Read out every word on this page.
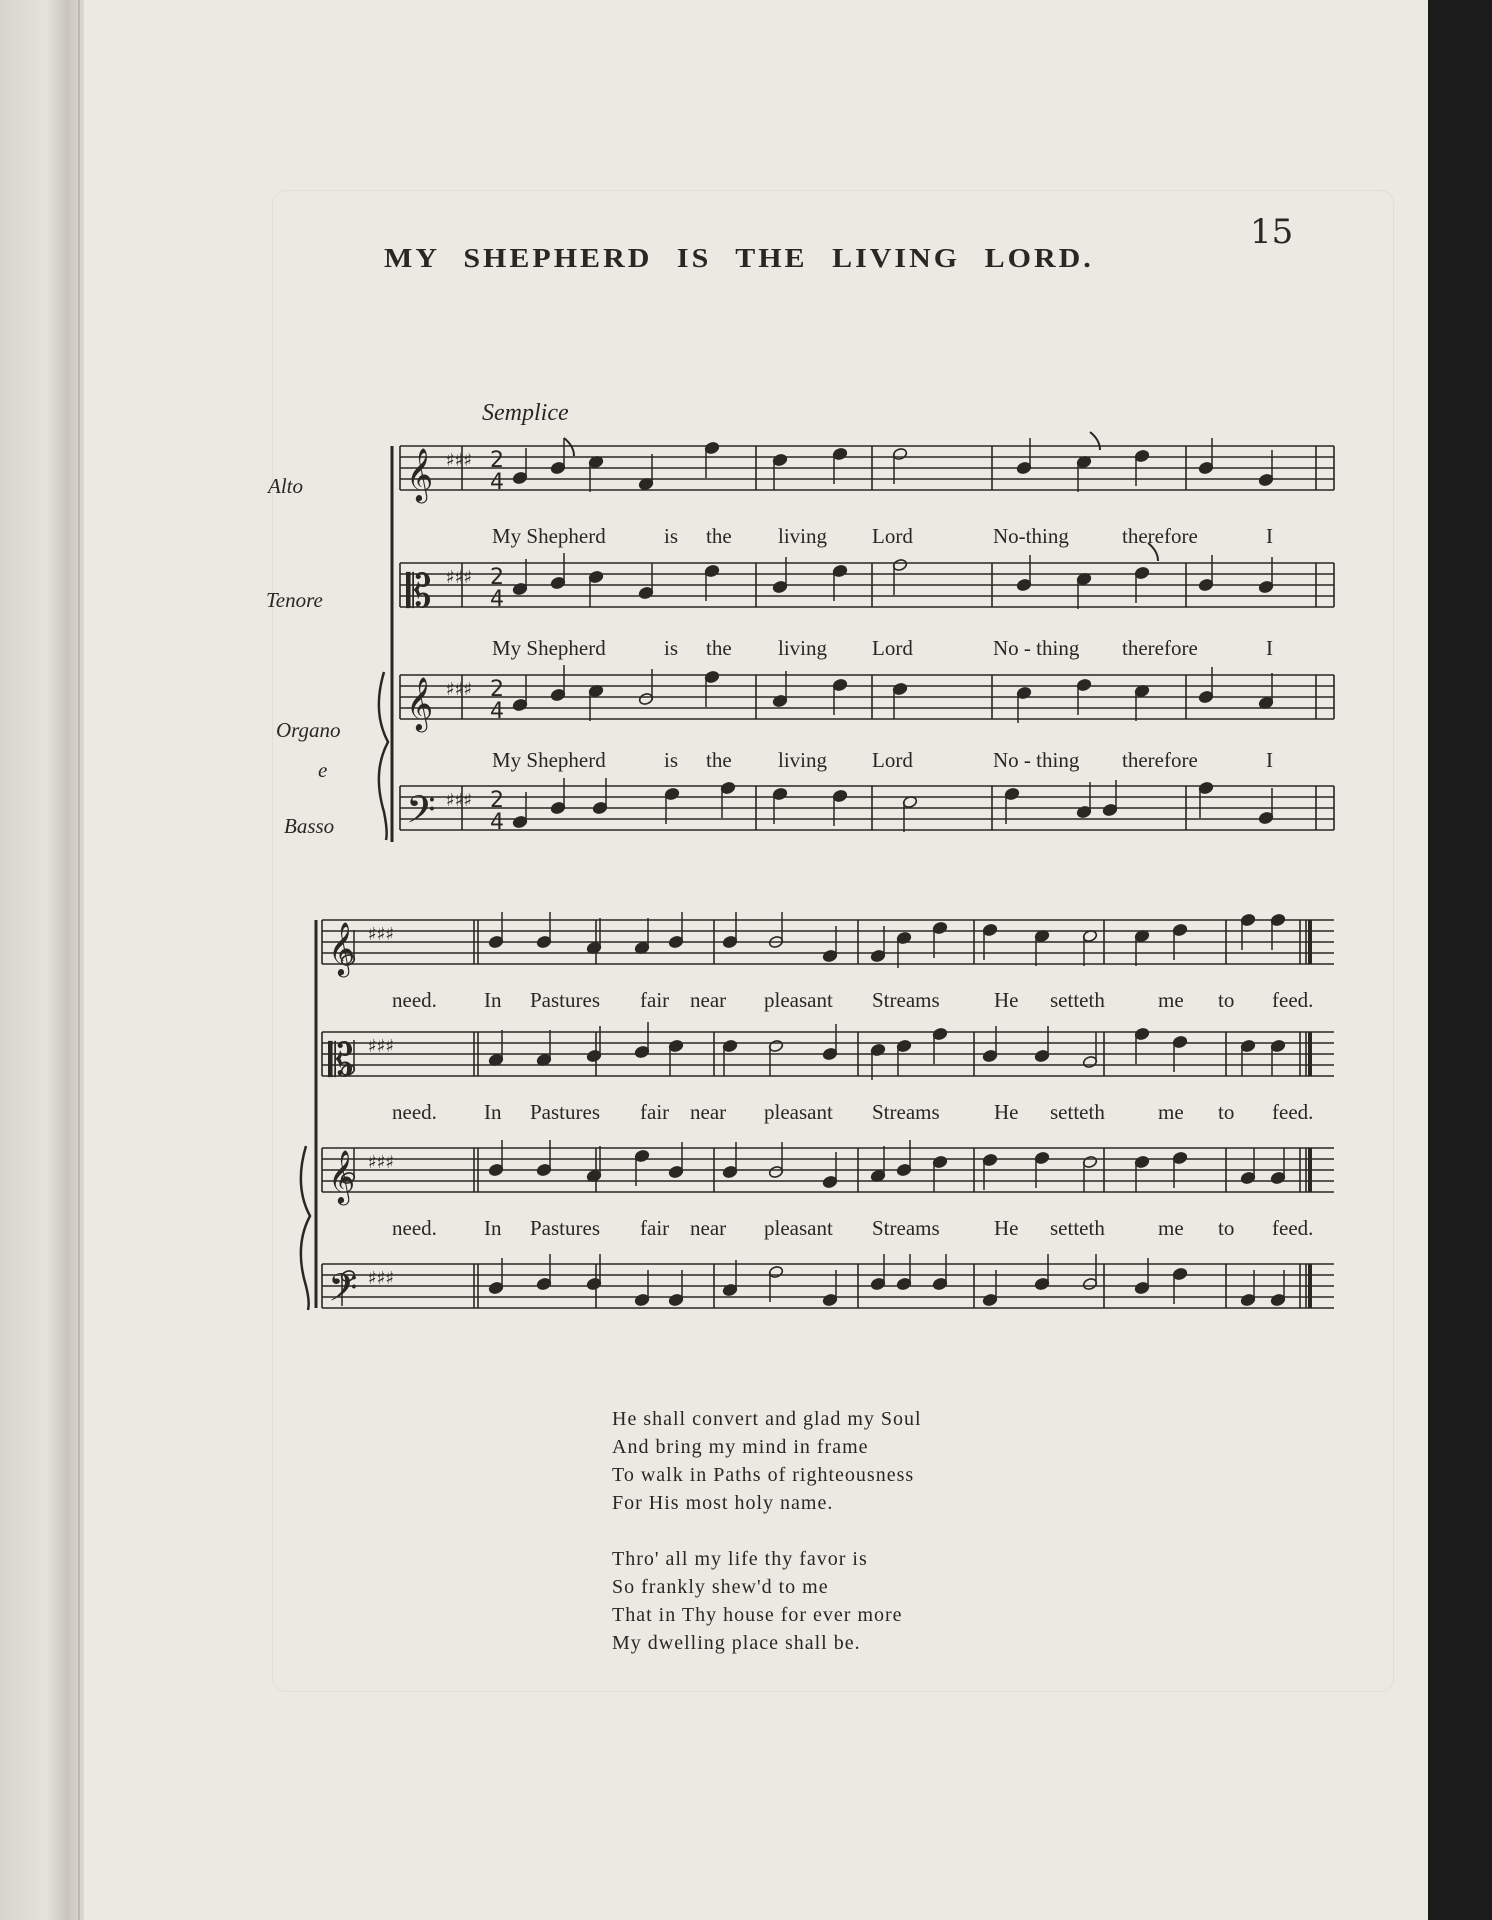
15
MY SHEPHERD IS THE LIVING LORD.
Semplice
Alto
Tenore
Organo
e
Basso
My Shepherd	is the living Lord	No-thing	therefore	I
My Shepherd	is the living Lord	No - thing therefore	I
My Shepherd	is the living Lord	No - thing therefore	I
need. In Pastures fair near pleasant Streams	He setteth	me to feed.
need. In Pastures fair near pleasant Streams	He setteth	me to feed.
need. In Pastures fair near pleasant Streams	He setteth	me to feed.
𝄞 ♯♯♯ 2
4
𝄡 ♯♯♯ 2
4
𝄞 ♯♯♯ 2
4
𝄢 ♯♯♯ 2
4
𝄞 ♯♯♯
𝄡 ♯♯♯
𝄞 ♯♯♯
𝄢 ♯♯♯
He shall convert and glad my Soul
And bring my mind in frame
To walk in Paths of righteousness
For His most holy name.
Thro' all my life thy favor is
So frankly shew'd to me
That in Thy house for ever more
My dwelling place shall be.
